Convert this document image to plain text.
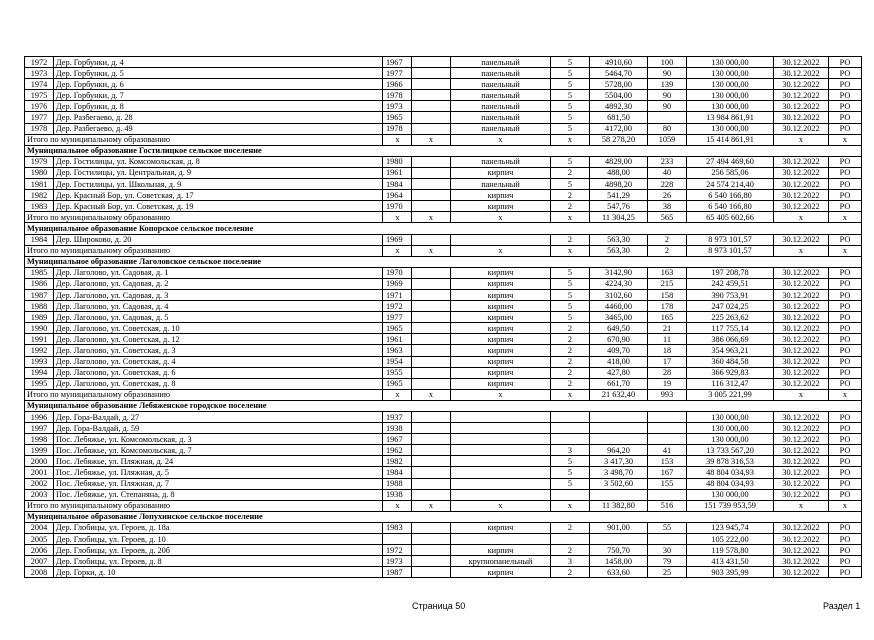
1972	Дер. Горбунки, д. 4	1967		панельный	5	4910,60	100	130 000,00	30.12.2022	РО
1973	Дер. Горбунки, д. 5	1977		панельный	5	5464,70	90	130 000,00	30.12.2022	РО
1974	Дер. Горбунки, д. 6	1966		панельный	5	5728,00	139	130 000,00	30.12.2022	РО
1975	Дер. Горбунки, д. 7	1978		панельный	5	5504,00	90	130 000,00	30.12.2022	РО
1976	Дер. Горбунки, д. 8	1973		панельный	5	4892,30	90	130 000,00	30.12.2022	РО
1977	Дер. Разбегаево, д. 28	1965		панельный	5	681,50		13 984 861,91	30.12.2022	РО
1978	Дер. Разбегаево, д. 49	1978		панельный	5	4172,00	80	130 000,00	30.12.2022	РО
Итого по муниципальному образованию		х	х	х	х	58 278,20	1059	15 414 861,91	х	х
Муниципальное образование Гостилицкое сельское поселение										
1979	Дер. Гостилицы, ул. Комсомольская, д. 8	1980		панельный	5	4829,00	233	27 494 469,60	30.12.2022	РО
1980	Дер. Гостилицы, ул. Центральная, д. 9	1961		кирпич	2	488,00	40	256 585,06	30.12.2022	РО
1981	Дер. Гостилицы, ул. Школьная, д. 9	1984		панельный	5	4898,20	228	24 574 214,40	30.12.2022	РО
1982	Дер. Красный Бор, ул. Советская, д. 17	1964		кирпич	2	541,29	26	6 540 166,80	30.12.2022	РО
1983	Дер. Красный Бор, ул. Советская, д. 19	1970		кирпич	2	547,76	38	6 540 166,80	30.12.2022	РО
Итого по муниципальному образованию		х	х	х	х	11 304,25	565	65 405 602,66	х	х
Муниципальное образование Копорское сельское поселение										
1984	Дер. Широково, д. 20	1969			2	563,30	2	8 973 101,57	30.12.2022	РО
Итого по муниципальному образованию		х	х	х	х	563,30	2	8 973 101,57	х	х
Муниципальное образование Лаголовское сельское поселение										
1985	Дер. Лаголово, ул. Садовая, д. 1	1970		кирпич	5	3142,90	163	197 208,78	30.12.2022	РО
1986	Дер. Лаголово, ул. Садовая, д. 2	1969		кирпич	5	4224,30	215	242 459,51	30.12.2022	РО
1987	Дер. Лаголово, ул. Садовая, д. 3	1971		кирпич	5	3102,60	158	390 753,91	30.12.2022	РО
1988	Дер. Лаголово, ул. Садовая, д. 4	1972		кирпич	5	4460,00	178	247 024,25	30.12.2022	РО
1989	Дер. Лаголово, ул. Садовая, д. 5	1977		кирпич	5	3465,00	165	225 263,62	30.12.2022	РО
1990	Дер. Лаголово, ул. Советская, д. 10	1965		кирпич	2	649,50	21	117 755,14	30.12.2022	РО
1991	Дер. Лаголово, ул. Советская, д. 12	1961		кирпич	2	670,90	11	386 066,69	30.12.2022	РО
1992	Дер. Лаголово, ул. Советская, д. 3	1963		кирпич	2	409,70	18	354 963,21	30.12.2022	РО
1993	Дер. Лаголово, ул. Советская, д. 4	1954		кирпич	2	418,00	17	360 484,58	30.12.2022	РО
1994	Дер. Лаголово, ул. Советская, д. 6	1955		кирпич	2	427,80	28	366 929,83	30.12.2022	РО
1995	Дер. Лаголово, ул. Советская, д. 8	1965		кирпич	2	661,70	19	116 312,47	30.12.2022	РО
Итого по муниципальному образованию		х	х	х	х	21 632,40	993	3 005 221,99	х	х
Муниципальное образование Лебяженское городское поселение										
1996	Дер. Гора-Валдай, д. 27	1937						130 000,00	30.12.2022	РО
1997	Дер. Гора-Валдай, д. 59	1938						130 000,00	30.12.2022	РО
1998	Пос. Лебяжье, ул. Комсомольская, д. 3	1967						130 000,00	30.12.2022	РО
1999	Пос. Лебяжье, ул. Комсомольская, д. 7	1962			3	964,20	41	13 733 567,20	30.12.2022	РО
2000	Пос. Лебяжье, ул. Пляжная, д. 24	1982			5	3 417,30	153	39 878 316,53	30.12.2022	РО
2001	Пос. Лебяжье, ул. Пляжная, д. 5	1984			5	3 498,70	167	48 804 034,93	30.12.2022	РО
2002	Пос. Лебяжье, ул. Пляжная, д. 7	1988			5	3 502,60	155	48 804 034,93	30.12.2022	РО
2003	Пос. Лебяжье, ул. Степаняна, д. 8	1938						130 000,00	30.12.2022	РО
Итого по муниципальному образованию		х	х	х	х	11 382,80	516	151 739 953,59	х	х
Муниципальное образование Лопухинское сельское поселение										
2004	Дер. Глобицы, ул. Героев, д. 18а	1983		кирпич	2	901,00	55	123 945,74	30.12.2022	РО
2005	Дер. Глобицы, ул. Героев, д. 10							105 222,00	30.12.2022	РО
2006	Дер. Глобицы, ул. Героев, д. 20б	1972		кирпич	2	750,70	30	119 578,80	30.12.2022	РО
2007	Дер. Глобицы, ул. Героев, д. 8	1973		крупнопанельный	3	1458,00	79	413 431,50	30.12.2022	РО
2008	Дер. Горки, д. 10	1987		кирпич	2	633,60	25	903 395,99	30.12.2022	РО
Страница 50	Раздел 1
